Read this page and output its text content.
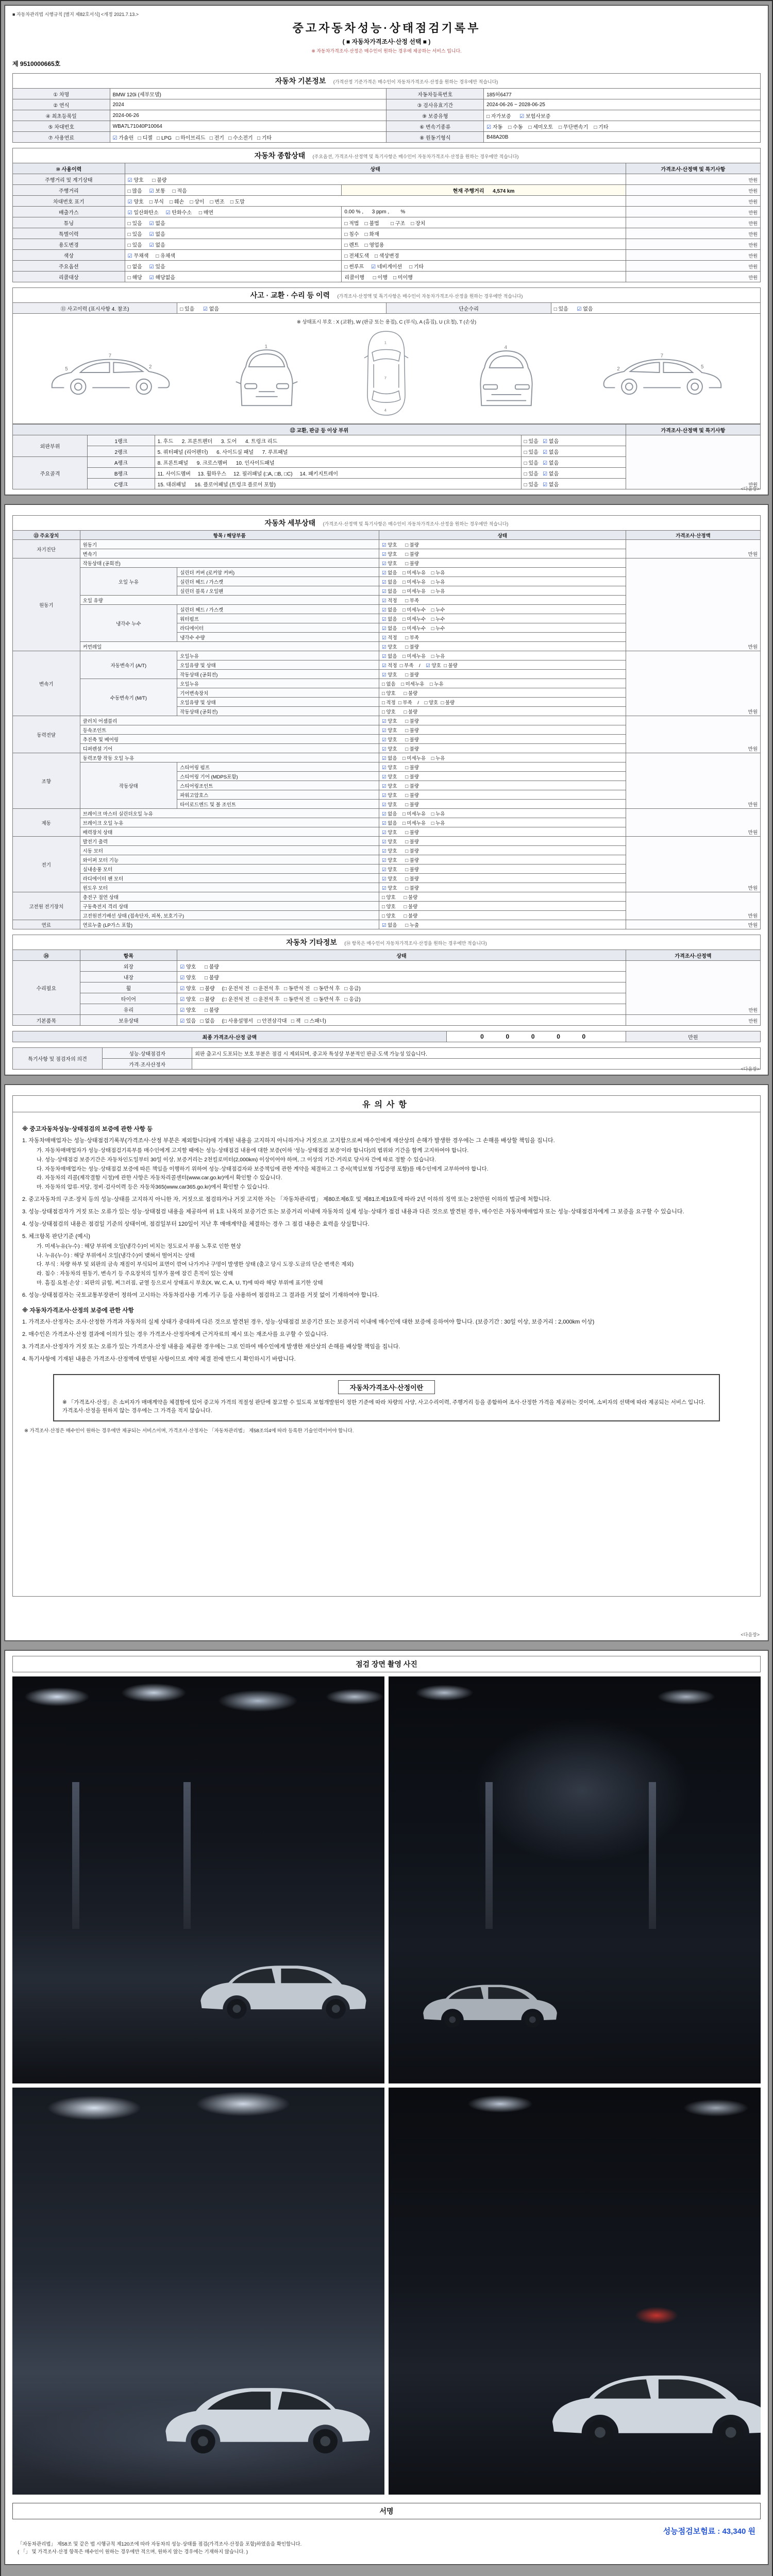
■ 자동차관리법 시행규칙 [별지 제82호서식] <개정 2021.7.13.>
중고자동차성능·상태점검기록부
( ■ 자동차가격조사·산정 선택 ■ )
※ 자동차가격조사·산정은 매수인이 원하는 경우에 제공하는 서비스 입니다.
제 9510000665호
자동차 기본정보 (가격산정 기준가격은 매수인이 자동차가격조사·산정을 원하는 경우에만 적습니다)
① 차명	BMW 120i (세부모델)	자동차등록번호	185허6477
② 연식	2024	③ 검사유효기간	2024-06-26 ~ 2028-06-25
④ 최초등록일	2024-06-26	⑨ 보증유형	□ 자가보증      ☑ 보험사보증
⑤ 차대번호	WBA7L71040P10064	⑥ 변속기종류	☑ 자동    □ 수동    □ 세미오토    □ 무단변속기    □ 기타
⑦ 사용연료	☑ 가솔린   □ 디젤   □ LPG   □ 하이브리드   □ 전기   □ 수소전기   □ 기타	⑧ 원동기형식	B48A20B
자동차 종합상태 (주요옵션, 가격조사·산정액 및 특기사항은 매수인이 자동차가격조사·산정을 원하는 경우에만 적습니다)
⑩ 사용이력	상태		가격조사·산정액 및 특기사항
주행거리 및 계기상태	☑ 양호      □ 불량		만원
주행거리	□ 많음     ☑ 보통     □ 적음	현재 주행거리      4,574 km	만원
차대번호 표기	☑ 양호    □ 부식    □ 훼손    □ 상이    □ 변조    □ 도말		만원
배출가스	☑ 일산화탄소     ☑ 탄화수소     □ 매연	0.00 % ,      3 ppm ,        %	만원
튜닝	□ 있음     ☑ 없음	□ 적법    □ 불법        □ 구조    □ 장치	만원
특별이력	□ 있음     ☑ 없음	□ 침수    □ 화재	만원
용도변경	□ 있음     ☑ 없음	□ 렌트    □ 영업용	만원
색상	☑ 무채색     □ 유채색	□ 전체도색    □ 색상변경	만원
주요옵션	□ 없음     ☑ 있음	□ 썬루프     ☑ 네비게이션     □ 기타	만원
리콜대상	□ 해당     ☑ 해당없음	리콜이행      □ 이행    □ 미이행	만원
사고 · 교환 · 수리 등 이력 (가격조사·산정액 및 특기사항은 매수인이 자동차가격조사·산정을 원하는 경우에만 적습니다)
⑪ 사고이력 (표시사항 4. 참조)	□ 있음      ☑ 없음	단순수리	□ 있음      ☑ 없음
※ 상태표시 부호 : X (교환), W (판금 또는 용접), C (부식), A (흠집), U (요철), T (손상)
7
5	2
1
1
7
4
4
7
2	5
⑫ 교환, 판금 등 이상 부위				가격조사·산정액 및 특기사항
외판부위	1랭크	1. 후드      2. 프론트펜더      3. 도어      4. 트렁크 리드	□ 있음   ☑ 없음	만원
	2랭크	5. 쿼터패널 (리어펜더)      6. 사이드실 패널      7. 루프패널	□ 있음   ☑ 없음	
주요골격	A랭크	8. 프론트패널      9. 크로스멤버      10. 인사이드패널	□ 있음   ☑ 없음	
	B랭크	11. 사이드멤버     13. 휠하우스     12. 필러패널 (□A, □B, □C)     14. 패키지트레이	□ 있음   ☑ 없음	
	C랭크	15. 대쉬패널      16. 플로어패널 (트렁크 플로어 포함)	□ 있음   ☑ 없음	
<다음장>
자동차 세부상태 (가격조사·산정액 및 특기사항은 매수인이 자동차가격조사·산정을 원하는 경우에만 적습니다)
⑬ 주요장치	항목 / 해당부품		상태	가격조사·산정액
자기진단	원동기		☑ 양호      □ 불량	만원
	변속기		☑ 양호      □ 불량	
원동기	작동상태 (공회전)		☑ 양호      □ 불량	만원
	오일 누유	실린더 커버 (로커암 커버)	☑ 없음    □ 미세누유    □ 누유	
		실린더 헤드 / 가스켓	☑ 없음    □ 미세누유    □ 누유	
		실린더 블록 / 오일팬	☑ 없음    □ 미세누유    □ 누유	
	오일 유량		☑ 적정      □ 부족	
	냉각수 누수	실린더 헤드 / 가스켓	☑ 없음    □ 미세누수    □ 누수	
		워터펌프	☑ 없음    □ 미세누수    □ 누수	
		라디에이터	☑ 없음    □ 미세누수    □ 누수	
		냉각수 수량	☑ 적정      □ 부족	
	커먼레일		☑ 양호      □ 불량	
변속기	자동변속기 (A/T)	오일누유	☑ 없음    □ 미세누유    □ 누유	만원
		오일유량 및 상태	☑ 적정  □ 부족    /    ☑ 양호  □ 불량	
		작동상태 (공회전)	☑ 양호      □ 불량	
	수동변속기 (M/T)	오일누유	□ 없음    □ 미세누유    □ 누유	
		기어변속장치	□ 양호      □ 불량	
		오일유량 및 상태	□ 적정  □ 부족    /    □ 양호  □ 불량	
		작동상태 (공회전)	□ 양호      □ 불량	
동력전달	클러치 어셈블리		☑ 양호      □ 불량	만원
	등속조인트		☑ 양호      □ 불량	
	추진축 및 베어링		☑ 양호      □ 불량	
	디퍼렌셜 기어		☑ 양호      □ 불량	
조향	동력조향 작동 오일 누유		☑ 없음    □ 미세누유    □ 누유	만원
	작동상태	스티어링 펌프	☑ 양호      □ 불량	
		스티어링 기어 (MDPS포함)	☑ 양호      □ 불량	
		스티어링조인트	☑ 양호      □ 불량	
		파워고압호스	☑ 양호      □ 불량	
		타이로드엔드 및 볼 조인트	☑ 양호      □ 불량	
제동	브레이크 마스터 실린더오일 누유		☑ 없음    □ 미세누유    □ 누유	만원
	브레이크 오일 누유		☑ 없음    □ 미세누유    □ 누유	
	배력장치 상태		☑ 양호      □ 불량	
전기	발전기 출력		☑ 양호      □ 불량	만원
	시동 모터		☑ 양호      □ 불량	
	와이퍼 모터 기능		☑ 양호      □ 불량	
	실내송풍 모터		☑ 양호      □ 불량	
	라디에이터 팬 모터		☑ 양호      □ 불량	
	윈도우 모터		☑ 양호      □ 불량	
고전원 전기장치	충전구 절연 상태		□ 양호      □ 불량	만원
	구동축전지 격리 상태		□ 양호      □ 불량	
	고전원전기배선 상태 (접속단자, 피복, 보호기구)		□ 양호      □ 불량	
연료	연료누출 (LP가스 포함)		☑ 없음      □ 누출	만원
자동차 기타정보 (⑭ 항목은 매수인이 자동차가격조사·산정을 원하는 경우에만 적습니다)
⑭	항목	상태	가격조사·산정액
수리필요	외장	☑ 양호      □ 불량	만원
	내장	☑ 양호      □ 불량	
	휠	☑ 양호   □ 불량     (□ 운전석 전   □ 운전석 후   □ 동반석 전   □ 동반석 후   □ 응급)	
	타이어	☑ 양호   □ 불량     (□ 운전석 전   □ 운전석 후   □ 동반석 전   □ 동반석 후   □ 응급)	
	유리	☑ 양호      □ 불량	
기본품목	보유상태	☑ 있음   □ 없음     (□ 사용설명서   □ 안전삼각대   □ 잭   □ 스패너)	만원
최종 가격조사·산정 금액	0  0  0  0  0	만원
특기사항 및 점검자의 의견	성능·상태점검자	외판 출고시 도포되는 보호 부분은 점검 시 제외되며, 중고차 특성상 부분적인 판금·도색 가능성 있습니다.
	가격·조사산정자	
<다음장>
유의사항
※ 중고자동차성능·상태점검의 보증에 관한 사항 등
1. 자동차매매업자는 성능·상태점검기록부(가격조사·산정 부분은 제외합니다)에 기재된 내용을 고지하지 아니하거나 거짓으로 고지함으로써 매수인에게 재산상의 손해가 발생한 경우에는 그 손해를 배상할 책임을 집니다.
가. 자동차매매업자가 성능·상태점검기록부를 매수인에게 고지할 때에는 성능·상태점검 내용에 대한 보증(이하 ‘성능·상태점검 보증’이라 합니다)의 범위와 기간을 함께 고지하여야 합니다.
나. 성능·상태점검 보증기간은 자동차인도일부터 30일 이상, 보증거리는 2천킬로미터(2,000km) 이상이어야 하며, 그 이상의 기간·거리로 당사자 간에 따로 정할 수 있습니다.
다. 자동차매매업자는 성능·상태점검 보증에 따른 책임을 이행하기 위하여 성능·상태점검자와 보증책임에 관한 계약을 체결하고 그 증서(책임보험 가입증명 포함)를 매수인에게 교부하여야 합니다.
라. 자동차의 리콜(제작결함 시정)에 관한 사항은 자동차리콜센터(www.car.go.kr)에서 확인할 수 있습니다.
마. 자동차의 압류·저당, 정비·검사이력 등은 자동차365(www.car365.go.kr)에서 확인할 수 있습니다.
2. 중고자동차의 구조·장치 등의 성능·상태를 고지하지 아니한 자, 거짓으로 점검하거나 거짓 고지한 자는 「자동차관리법」 제80조제6호 및 제81조제19호에 따라 2년 이하의 징역 또는 2천만원 이하의 벌금에 처합니다.
3. 성능·상태점검자가 거짓 또는 오류가 있는 성능·상태점검 내용을 제공하여 위 1호 나목의 보증기간 또는 보증거리 이내에 자동차의 실제 성능·상태가 점검 내용과 다른 것으로 발견된 경우, 매수인은 자동차매매업자 또는 성능·상태점검자에게 그 보증을 요구할 수 있습니다.
4. 성능·상태점검의 내용은 점검일 기준의 상태이며, 점검일부터 120일이 지난 후 매매계약을 체결하는 경우 그 점검 내용은 효력을 상실합니다.
5. 체크항목 판단기준 (예시)
가. 미세누유(누수) : 해당 부위에 오일(냉각수)이 비치는 정도로서 부품 노후로 인한 현상
나. 누유(누수) : 해당 부위에서 오일(냉각수)이 맺혀서 떨어지는 상태
다. 부식 : 차량 하부 및 외판의 금속 재질이 부식되어 표면이 깎여 나가거나 구멍이 발생한 상태 (출고 당시 도장·도금의 단순 변색은 제외)
라. 침수 : 자동차의 원동기, 변속기 등 주요장치의 일부가 물에 잠긴 흔적이 있는 상태
마. 흠집·요철·손상 : 외판의 긁힘, 찌그러짐, 균열 등으로서 상태표시 부호(X, W, C, A, U, T)에 따라 해당 부위에 표기한 상태
6. 성능·상태점검자는 국토교통부장관이 정하여 고시하는 자동차검사용 기계·기구 등을 사용하여 점검하고 그 결과를 거짓 없이 기재하여야 합니다.
※ 자동차가격조사·산정의 보증에 관한 사항
1. 가격조사·산정자는 조사·산정한 가격과 자동차의 실제 상태가 중대하게 다른 것으로 발견된 경우, 성능·상태점검 보증기간 또는 보증거리 이내에 매수인에 대한 보증에 응하여야 합니다. (보증기간 : 30일 이상, 보증거리 : 2,000km 이상)
2. 매수인은 가격조사·산정 결과에 이의가 있는 경우 가격조사·산정자에게 근거자료의 제시 또는 재조사를 요구할 수 있습니다.
3. 가격조사·산정자가 거짓 또는 오류가 있는 가격조사·산정 내용을 제공한 경우에는 그로 인하여 매수인에게 발생한 재산상의 손해를 배상할 책임을 집니다.
4. 특기사항에 기재된 내용은 가격조사·산정액에 반영된 사항이므로 계약 체결 전에 반드시 확인하시기 바랍니다.
자동차가격조사·산정이란
※ 「가격조사·산정」은 소비자가 매매계약을 체결함에 있어 중고차 가격의 적절성 판단에 참고할 수 있도록 보험개발원이 정한 기준에 따라 차량의 사양, 사고수리이력, 주행거리 등을 종합하여 조사·산정한 가격을 제공하는 것이며, 소비자의 선택에 따라 제공되는 서비스 입니다. 가격조사·산정을 원하지 않는 경우에는 그 가격을 적지 않습니다.
※ 가격조사·산정은 매수인이 원하는 경우에만 제공되는 서비스이며, 가격조사·산정자는 「자동차관리법」 제58조의4에 따라 등록한 기술인력이어야 합니다.
<다음장>
점검 장면 촬영 사진
서명
성능점검보험료 : 43,340 원
「자동차관리법」 제58조 및 같은 법 시행규칙 제120조에 따라 자동차의 성능·상태를 점검(가격조사·산정을 포함)하였음을 확인합니다.
( 「」 및 가격조사·산정 항목은 매수인이 원하는 경우에만 적으며, 원하지 않는 경우에는 기재하지 않습니다. )
